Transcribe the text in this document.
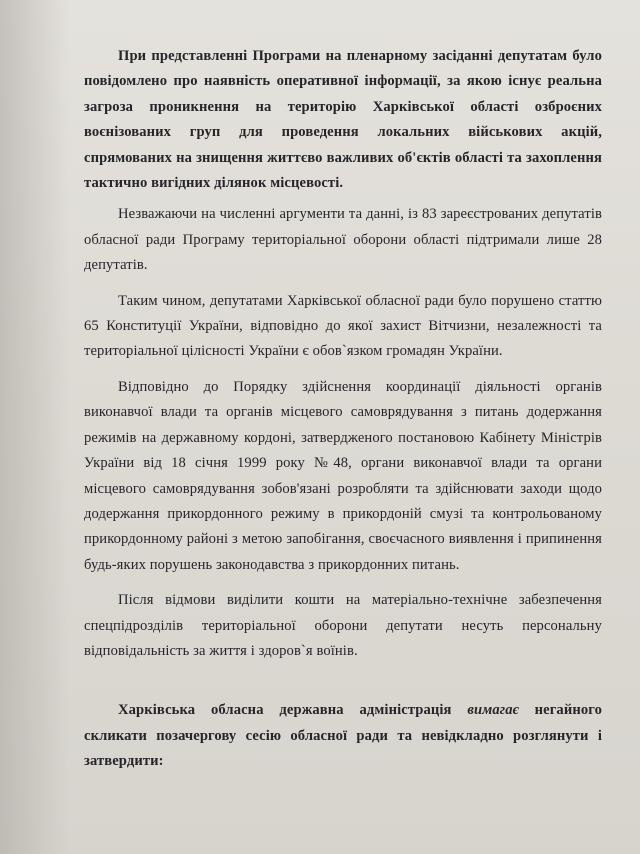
При представленні Програми на пленарному засіданні депутатам було повідомлено про наявність оперативної інформації, за якою існує реальна загроза проникнення на територію Харківської області озброєних воєнізованих груп для проведення локальних військових акцій, спрямованих на знищення життєво важливих об'єктів області та захоплення тактично вигідних ділянок місцевості.

Незважаючи на численні аргументи та данні, із 83 зареєстрованих депутатів обласної ради Програму територіальної оборони області підтримали лише 28 депутатів.

Таким чином, депутатами Харківської обласної ради було порушено статтю 65 Конституції України, відповідно до якої захист Вітчизни, незалежності та територіальної цілісності України є обов`язком громадян України.

Відповідно до Порядку здійснення координації діяльності органів виконавчої влади та органів місцевого самоврядування з питань додержання режимів на державному кордоні, затвердженого постановою Кабінету Міністрів України від 18 січня 1999 року №48, органи виконавчої влади та органи місцевого самоврядування зобов'язані розробляти та здійснювати заходи щодо додержання прикордонного режиму в прикордоній смузі та контрольованому прикордонному районі з метою запобігання, своєчасного виявлення і припинення будь-яких порушень законодавства з прикордонних питань.

Після відмови виділити кошти на матеріально-технічне забезпечення спецпідрозділів територіальної оборони депутати несуть персональну відповідальність за життя і здоров`я воїнів.

Харківська обласна державна адміністрація вимагає негайного скликати позачергову сесію обласної ради та невідкладно розглянути і затвердити:
